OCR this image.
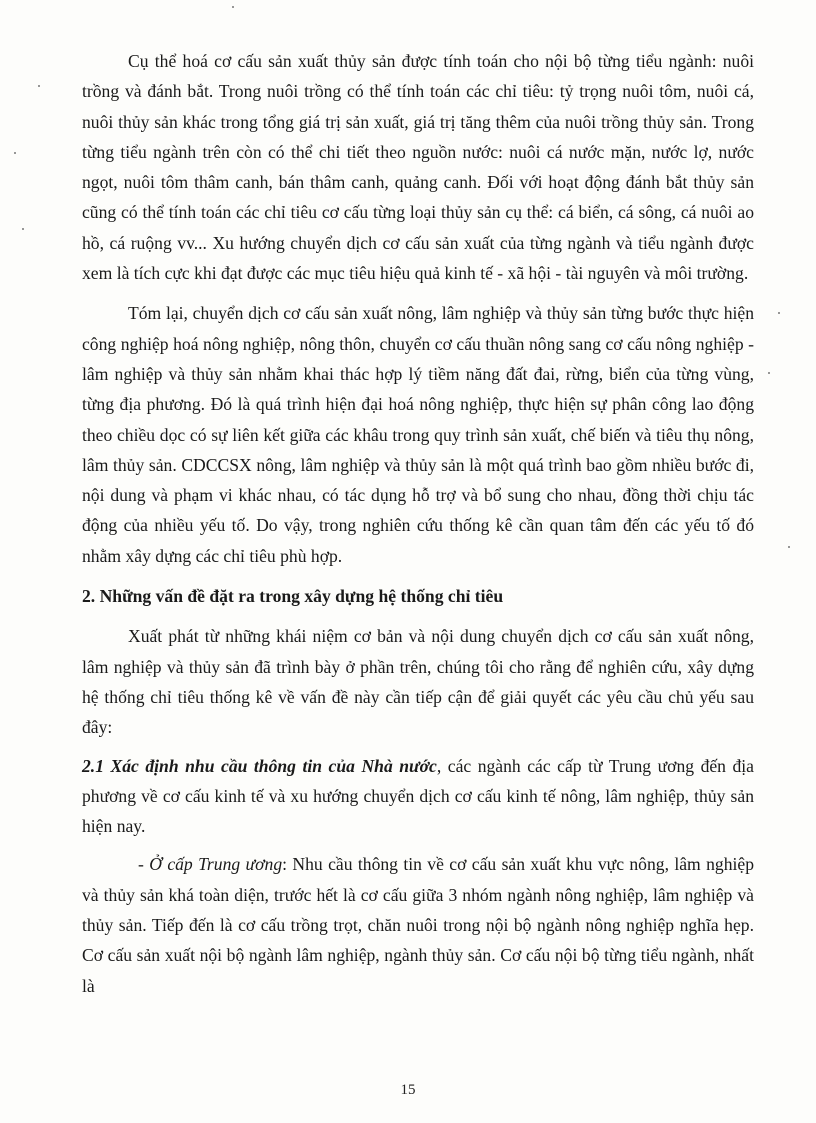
Cụ thể hoá cơ cấu sản xuất thủy sản được tính toán cho nội bộ từng tiểu ngành: nuôi trồng và đánh bắt. Trong nuôi trồng có thể tính toán các chỉ tiêu: tỷ trọng nuôi tôm, nuôi cá, nuôi thủy sản khác trong tổng giá trị sản xuất, giá trị tăng thêm của nuôi trồng thủy sản. Trong từng tiểu ngành trên còn có thể chi tiết theo nguồn nước: nuôi cá nước mặn, nước lợ, nước ngọt, nuôi tôm thâm canh, bán thâm canh, quảng canh. Đối với hoạt động đánh bắt thủy sản cũng có thể tính toán các chỉ tiêu cơ cấu từng loại thủy sản cụ thể: cá biển, cá sông, cá nuôi ao hồ, cá ruộng vv... Xu hướng chuyển dịch cơ cấu sản xuất của từng ngành và tiểu ngành được xem là tích cực khi đạt được các mục tiêu hiệu quả kinh tế - xã hội - tài nguyên và môi trường.

Tóm lại, chuyển dịch cơ cấu sản xuất nông, lâm nghiệp và thủy sản từng bước thực hiện công nghiệp hoá nông nghiệp, nông thôn, chuyển cơ cấu thuần nông sang cơ cấu nông nghiệp - lâm nghiệp và thủy sản nhằm khai thác hợp lý tiềm năng đất đai, rừng, biển của từng vùng, từng địa phương. Đó là quá trình hiện đại hoá nông nghiệp, thực hiện sự phân công lao động theo chiều dọc có sự liên kết giữa các khâu trong quy trình sản xuất, chế biến và tiêu thụ nông, lâm thủy sản. CDCCSX nông, lâm nghiệp và thủy sản là một quá trình bao gồm nhiều bước đi, nội dung và phạm vi khác nhau, có tác dụng hỗ trợ và bổ sung cho nhau, đồng thời chịu tác động của nhiều yếu tố. Do vậy, trong nghiên cứu thống kê cần quan tâm đến các yếu tố đó nhằm xây dựng các chỉ tiêu phù hợp.

2. Những vấn đề đặt ra trong xây dựng hệ thống chỉ tiêu

Xuất phát từ những khái niệm cơ bản và nội dung chuyển dịch cơ cấu sản xuất nông, lâm nghiệp và thủy sản đã trình bày ở phần trên, chúng tôi cho rằng để nghiên cứu, xây dựng hệ thống chỉ tiêu thống kê về vấn đề này cần tiếp cận để giải quyết các yêu cầu chủ yếu sau đây:

2.1 Xác định nhu cầu thông tin của Nhà nước, các ngành các cấp từ Trung ương đến địa phương về cơ cấu kinh tế và xu hướng chuyển dịch cơ cấu kinh tế nông, lâm nghiệp, thủy sản hiện nay.

- Ở cấp Trung ương: Nhu cầu thông tin về cơ cấu sản xuất khu vực nông, lâm nghiệp và thủy sản khá toàn diện, trước hết là cơ cấu giữa 3 nhóm ngành nông nghiệp, lâm nghiệp và thủy sản. Tiếp đến là cơ cấu trồng trọt, chăn nuôi trong nội bộ ngành nông nghiệp nghĩa hẹp. Cơ cấu sản xuất nội bộ ngành lâm nghiệp, ngành thủy sản. Cơ cấu nội bộ từng tiểu ngành, nhất là

15
